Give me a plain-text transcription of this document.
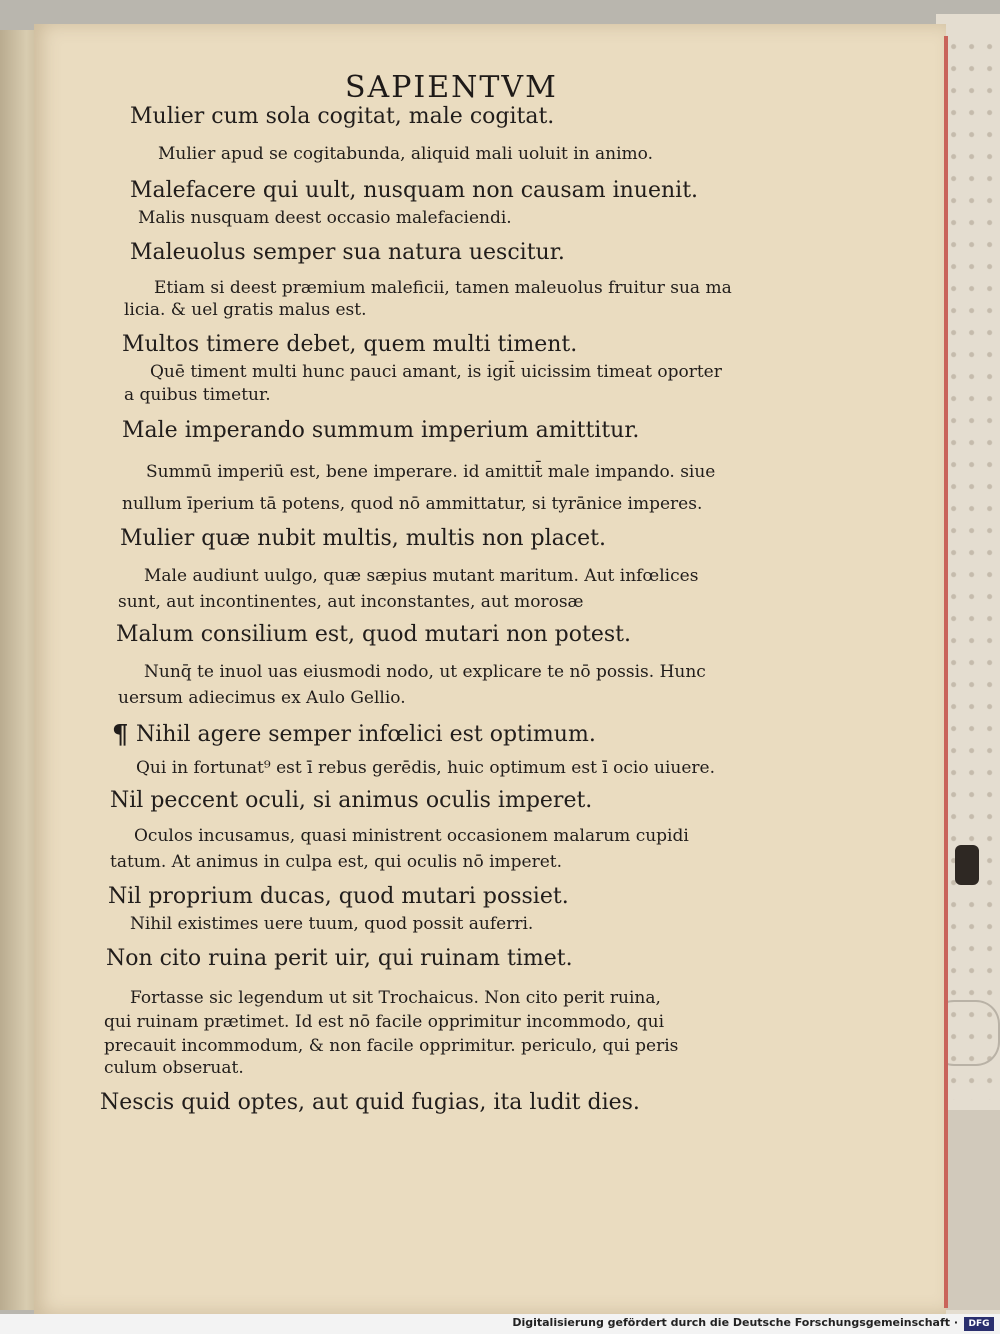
SAPIENTVM

Mulier cum sola cogitat, male cogitat.

Mulier apud se cogitabunda, aliquid mali uoluit in animo.

Malefacere qui uult, nusquam non causam inuenit.

Malis nusquam deest occasio malefaciendi.

Maleuolus semper sua natura uescitur.

Etiam si deest præmium maleficii, tamen maleuolus fruitur sua ma

licia. & uel gratis malus est.

Multos timere debet, quem multi timent.

Quē timent multi hunc pauci amant, is igit̄ uicissim timeat oporter

a quibus timetur.

Male imperando summum imperium amittitur.

Summū imperiū est, bene imperare. id amittit̄ male impando. siue

nullum īperium tā potens, quod nō ammittatur, si tyrānice imperes.

Mulier quæ nubit multis, multis non placet.

Male audiunt uulgo, quæ sæpius mutant maritum. Aut infœlices

sunt, aut incontinentes, aut inconstantes, aut morosæ

Malum consilium est, quod mutari non potest.

Nunq̄ te inuol uas eiusmodi nodo, ut explicare te nō possis. Hunc

uersum adiecimus ex Aulo Gellio.

¶ Nihil agere semper infœlici est optimum.

Qui in fortunat⁹ est ī rebus gerēdis, huic optimum est ī ocio uiuere.

Nil peccent oculi, si animus oculis imperet.

Oculos incusamus, quasi ministrent occasionem malarum cupidi

tatum. At animus in culpa est, qui oculis nō imperet.

Nil proprium ducas, quod mutari possiet.

Nihil existimes uere tuum, quod possit auferri.

Non cito ruina perit uir, qui ruinam timet.

Fortasse sic legendum ut sit Trochaicus. Non cito perit ruina,

qui ruinam prætimet. Id est nō facile opprimitur incommodo, qui

precauit incommodum, & non facile opprimitur. periculo, qui peris

culum obseruat.

Nescis quid optes, aut quid fugias, ita ludit dies.

Digitalisierung gefördert durch die Deutsche Forschungsgemeinschaft ·	DFG
